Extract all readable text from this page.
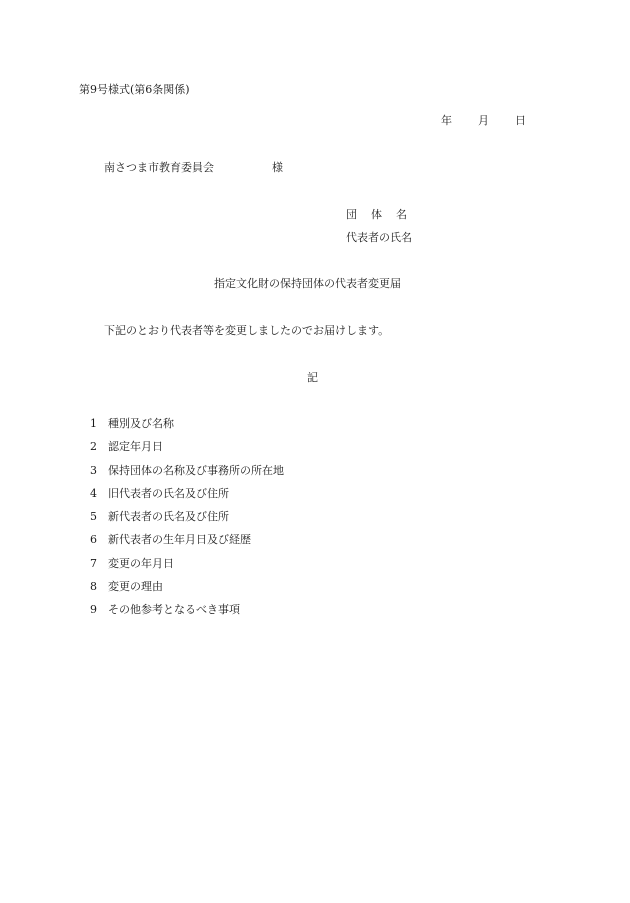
第9号様式(第6条関係)
年 月 日
南さつま市教育委員会	様
団体名
代表者の氏名
指定文化財の保持団体の代表者変更届
下記のとおり代表者等を変更しましたのでお届けします。
記
1 種別及び名称
2 認定年月日
3 保持団体の名称及び事務所の所在地
4 旧代表者の氏名及び住所
5 新代表者の氏名及び住所
6 新代表者の生年月日及び経歴
7 変更の年月日
8 変更の理由
9 その他参考となるべき事項
